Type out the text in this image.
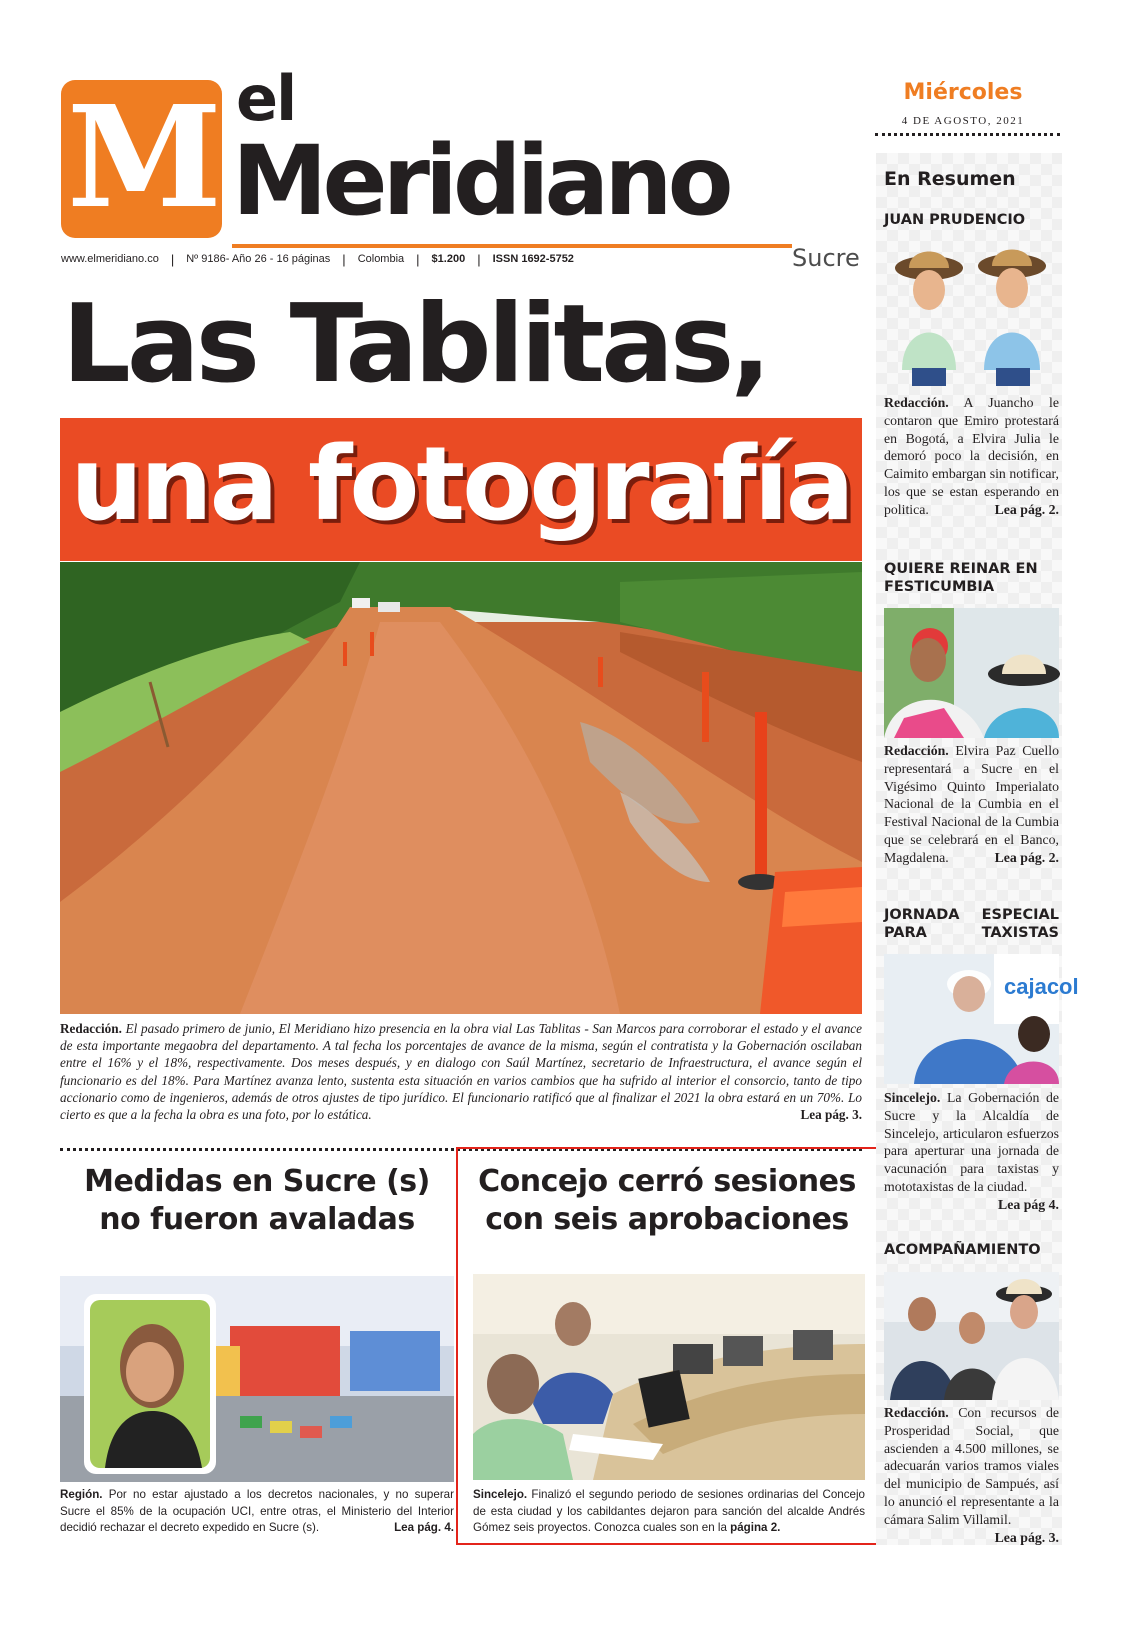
M el
Meridiano
www.elmeridiano.co | Nº 9186- Año 26 - 16 páginas | Colombia | $1.200 | ISSN 1692-5752	Sucre
Miércoles
4 DE AGOSTO, 2021
Las Tablitas,
una fotografía
Redacción. El pasado primero de junio, El Meridiano hizo presencia en la obra vial Las Tablitas - San Marcos para corroborar el estado y el avance de esta importante megaobra del departamento. A tal fecha los porcentajes de avance de la misma, según el contratista y la Gobernación oscilaban entre el 16% y el 18%, respectivamente. Dos meses después, y en dialogo con Saúl Martínez, secretario de Infraestructura, el avance según el funcionario es del 18%. Para Martínez avanza lento, sustenta esta situación en varios cambios que ha sufrido al interior el consorcio, tanto de tipo accionario como de ingenieros, además de otros ajustes de tipo jurídico. El funcionario ratificó que al finalizar el 2021 la obra estará en un 70%. Lo cierto es que a la fecha la obra es una foto, por lo estática.	Lea pág. 3.
Medidas en Sucre (s) no fueron avaladas
Región. Por no estar ajustado a los decretos nacionales, y no superar Sucre el 85% de la ocupación UCI, entre otras, el Ministerio del Interior decidió rechazar el decreto expedido en Sucre (s).	Lea pág. 4.
Concejo cerró sesiones con seis aprobaciones
Sincelejo. Finalizó el segundo periodo de sesiones ordinarias del Concejo de esta ciudad y los cabildantes dejaron para sanción del alcalde Andrés Gómez seis proyectos. Conozca cuales son en la página 2.
En Resumen
JUAN PRUDENCIO
Redacción. A Juancho le contaron que Emiro protestará en Bogotá, a Elvira Julia le demoró poco la decisión, en Caimito embargan sin notificar, los que se estan esperando en politica.	Lea pág. 2.
QUIERE REINAR EN FESTICUMBIA
Redacción. Elvira Paz Cuello representará a Sucre en el Vigésimo Quinto Imperialato Nacional de la Cumbia en el Festival Nacional de la Cumbia que se celebrará en el Banco, Magdalena.	Lea pág. 2.
JORNADA ESPECIAL PARA TAXISTAS
cajacol
Sincelejo. La Gobernación de Sucre y la Alcaldía de Sincelejo, articularon esfuerzos para aperturar una jornada de vacunación para taxistas y mototaxistas de la ciudad.
Lea pág 4.
ACOMPAÑAMIENTO
Redacción. Con recursos de Prosperidad Social, que ascienden a 4.500 millones, se adecuarán varios tramos viales del municipio de Sampués, así lo anunció el representante a la cámara Salim Villamil.
Lea pág. 3.
